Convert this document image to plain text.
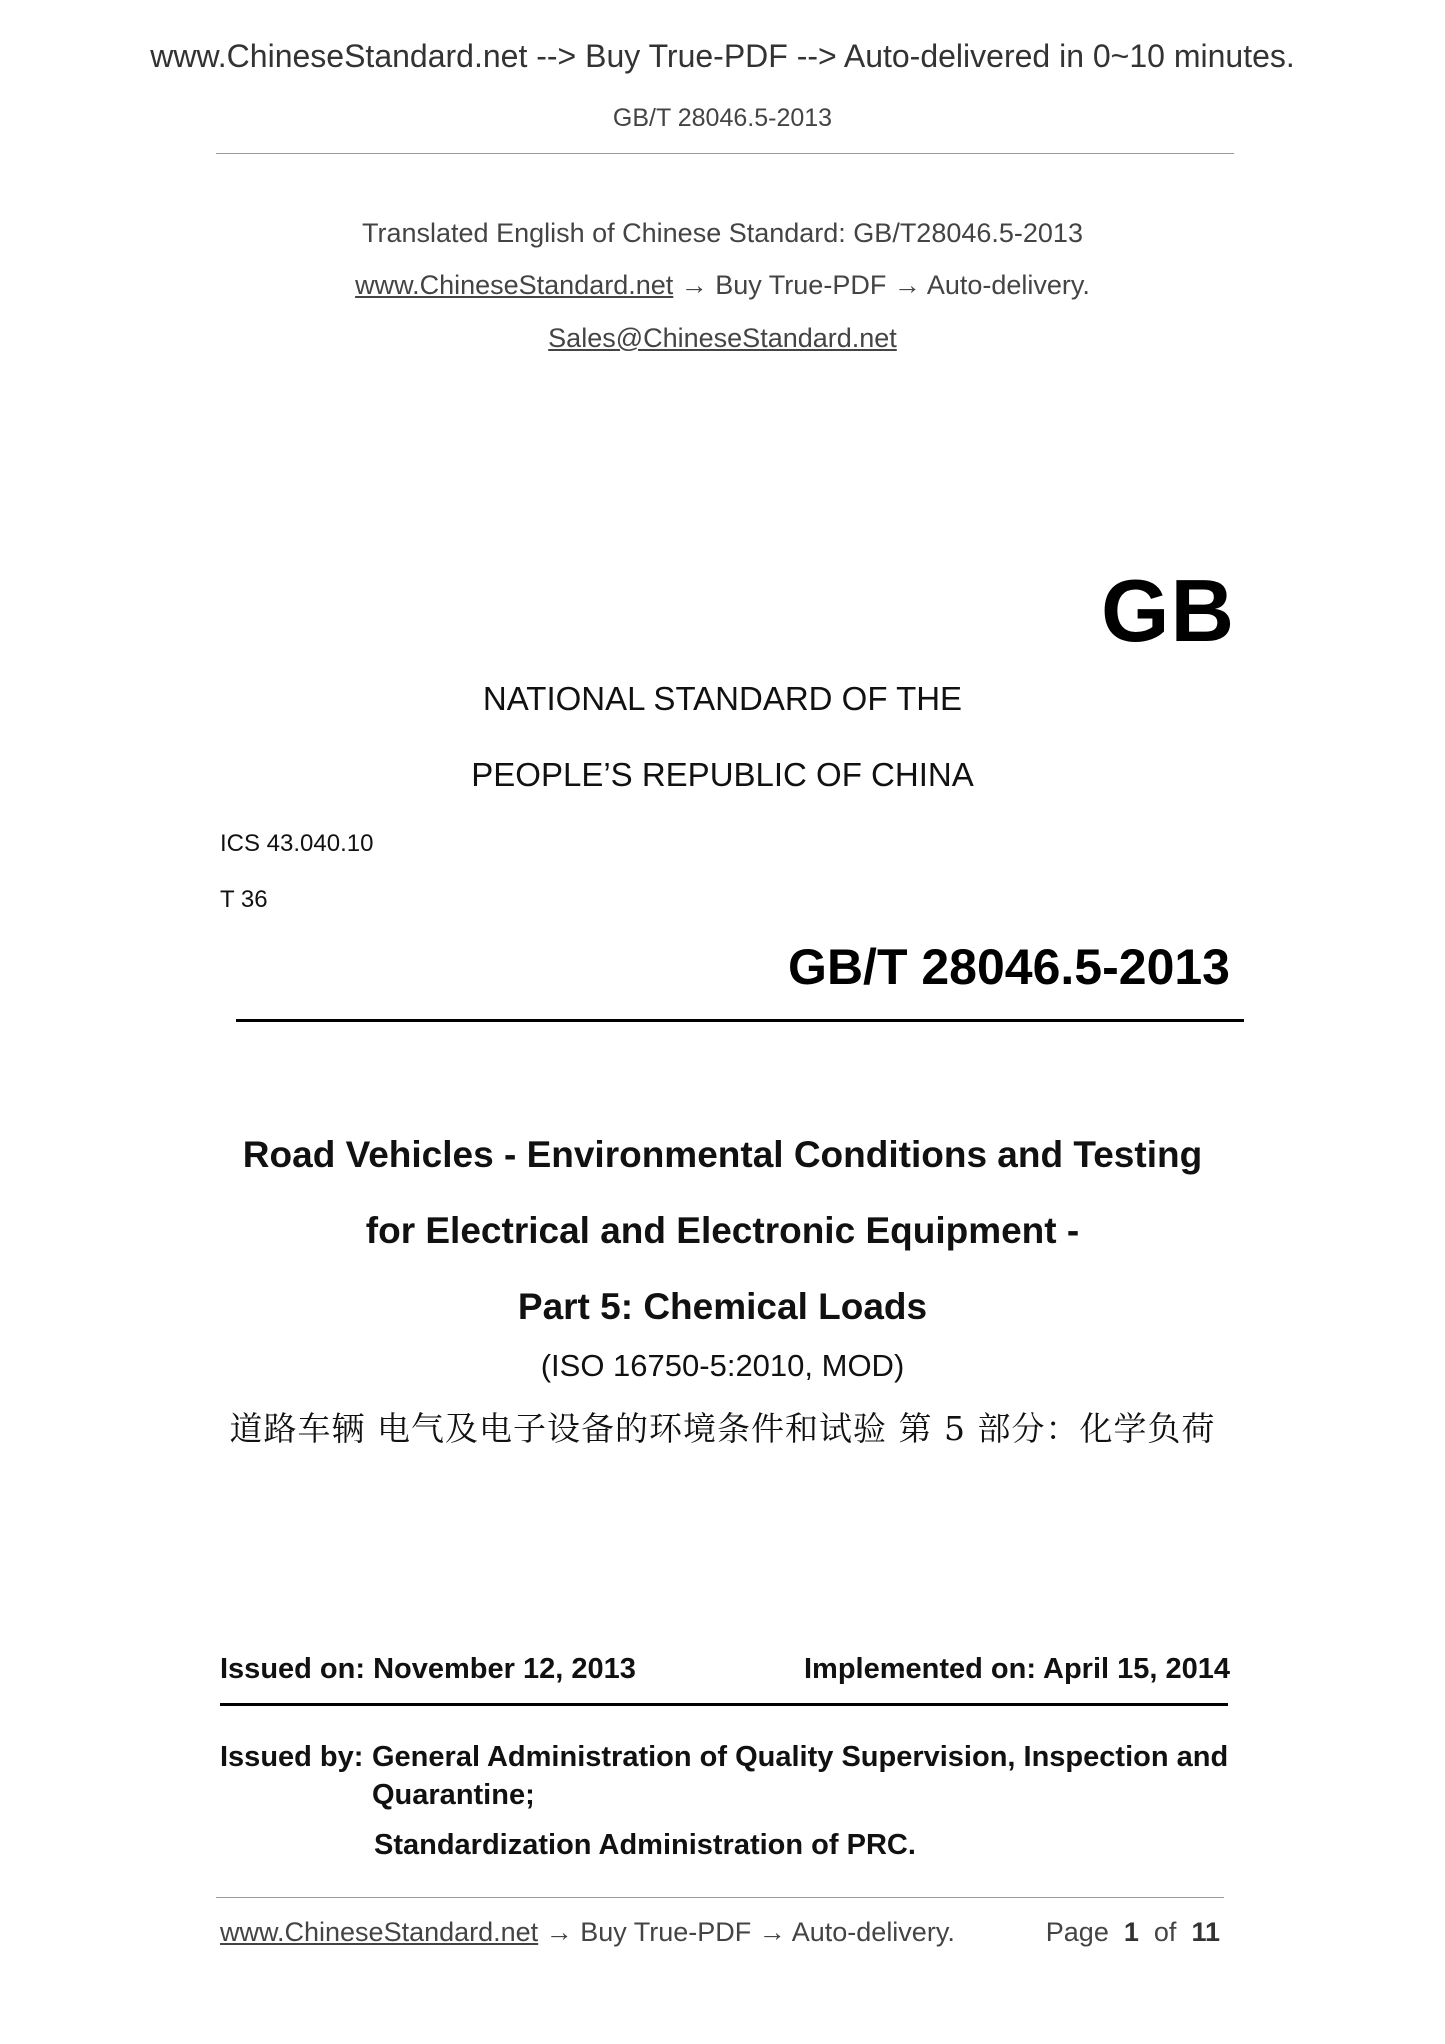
www.ChineseStandard.net --> Buy True-PDF --> Auto-delivered in 0~10 minutes.
GB/T 28046.5-2013
Translated English of Chinese Standard: GB/T28046.5-2013
www.ChineseStandard.net → Buy True-PDF → Auto-delivery.
Sales@ChineseStandard.net
GB
NATIONAL STANDARD OF THE
PEOPLE’S REPUBLIC OF CHINA
ICS 43.040.10
T 36
GB/T 28046.5-2013
Road Vehicles - Environmental Conditions and Testing
for Electrical and Electronic Equipment -
Part 5: Chemical Loads
(ISO 16750-5:2010, MOD)
道路车辆 电气及电子设备的环境条件和试验 第 5 部分：化学负荷
Issued on: November 12, 2013	Implemented on: April 15, 2014
Issued by: General Administration of Quality Supervision, Inspection and Quarantine;
Standardization Administration of PRC.
www.ChineseStandard.net → Buy True-PDF → Auto-delivery.	Page 1 of 11
